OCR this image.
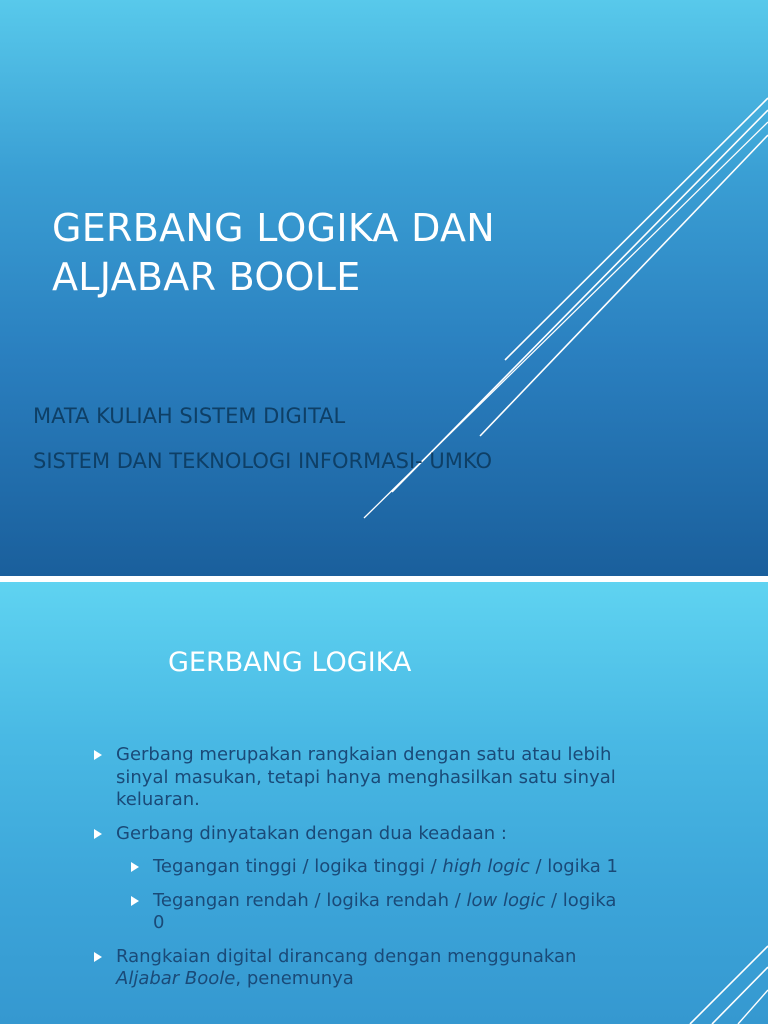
GERBANG LOGIKA DAN
ALJABAR BOOLE

MATA KULIAH SISTEM DIGITAL

SISTEM DAN TEKNOLOGI INFORMASI- UMKO

GERBANG LOGIKA
Gerbang merupakan rangkaian dengan satu atau lebih sinyal masukan, tetapi hanya menghasilkan satu sinyal keluaran.
Gerbang dinyatakan dengan dua keadaan :
Tegangan tinggi / logika tinggi / high logic / logika 1
Tegangan rendah / logika rendah / low logic / logika 0
Rangkaian digital dirancang dengan menggunakan Aljabar Boole, penemunya
